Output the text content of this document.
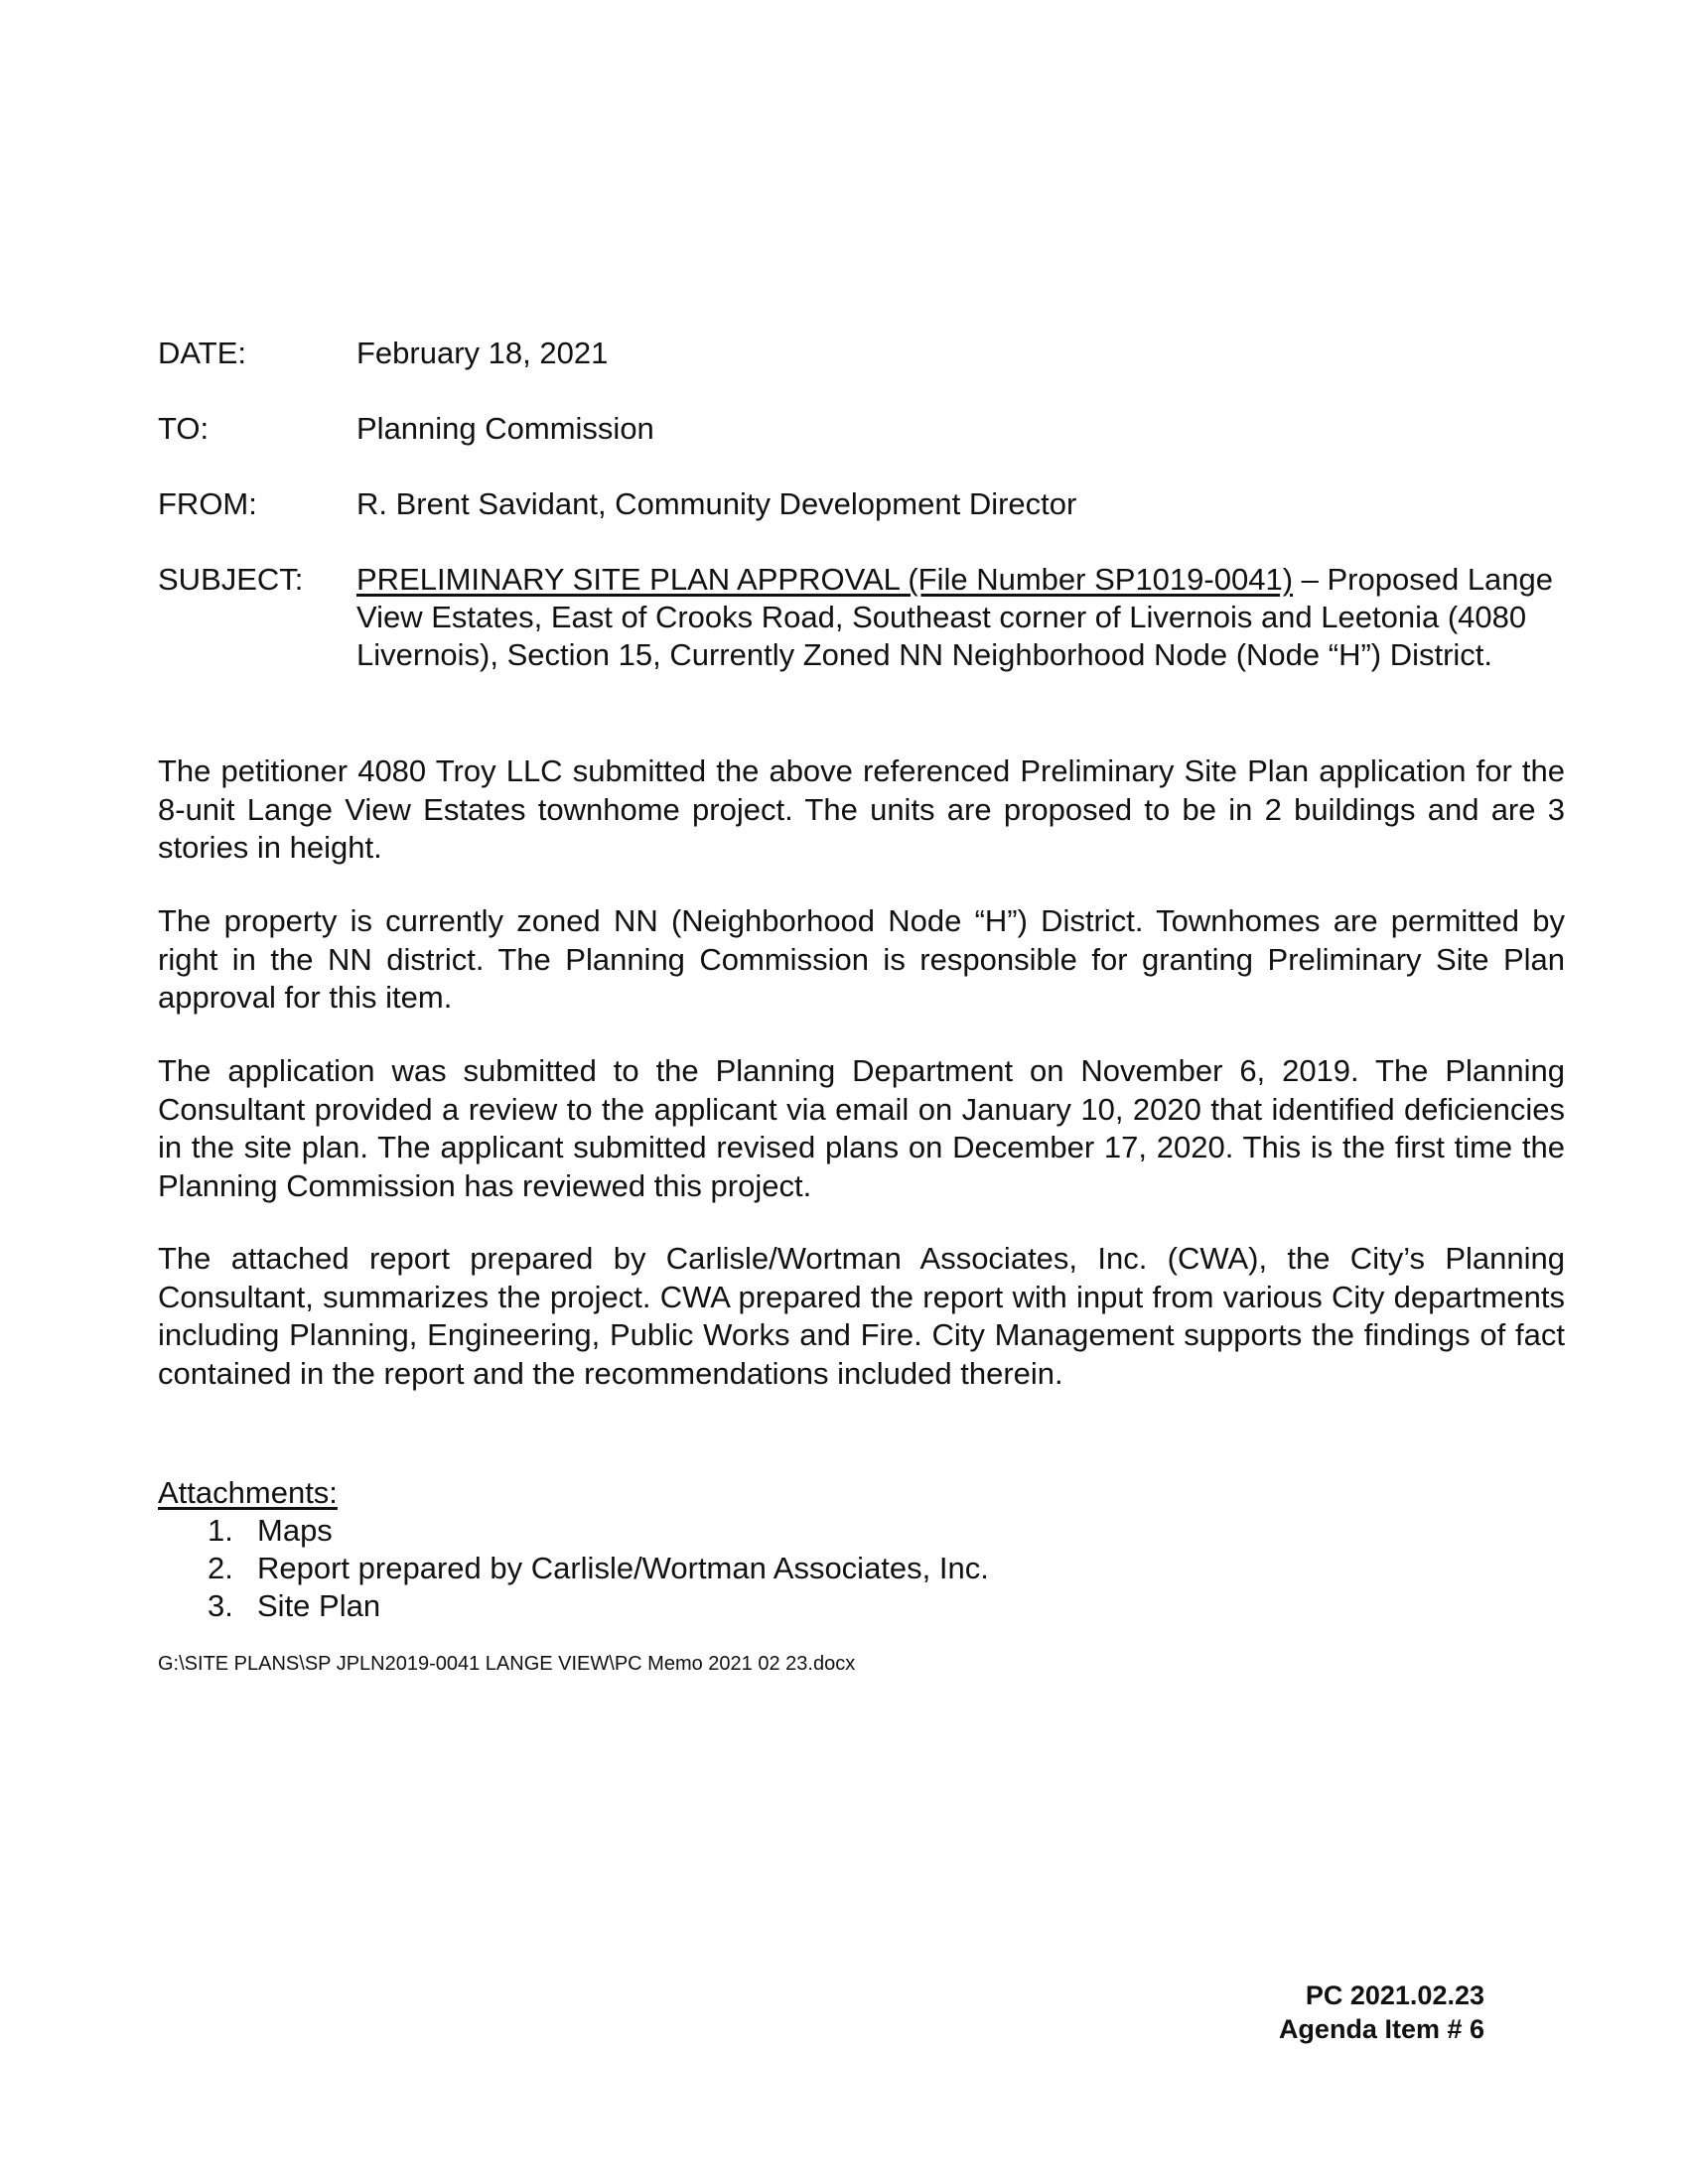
DATE:	February 18, 2021
TO:	Planning Commission
FROM:	R. Brent Savidant, Community Development Director
SUBJECT:	PRELIMINARY SITE PLAN APPROVAL (File Number SP1019-0041) – Proposed Lange View Estates, East of Crooks Road, Southeast corner of Livernois and Leetonia (4080 Livernois), Section 15, Currently Zoned NN Neighborhood Node (Node “H”) District.

The petitioner 4080 Troy LLC submitted the above referenced Preliminary Site Plan application for the 8-unit Lange View Estates townhome project. The units are proposed to be in 2 buildings and are 3 stories in height.

The property is currently zoned NN (Neighborhood Node “H”) District. Townhomes are permitted by right in the NN district. The Planning Commission is responsible for granting Preliminary Site Plan approval for this item.

The application was submitted to the Planning Department on November 6, 2019. The Planning Consultant provided a review to the applicant via email on January 10, 2020 that identified deficiencies in the site plan. The applicant submitted revised plans on December 17, 2020. This is the first time the Planning Commission has reviewed this project.

The attached report prepared by Carlisle/Wortman Associates, Inc. (CWA), the City’s Planning Consultant, summarizes the project. CWA prepared the report with input from various City departments including Planning, Engineering, Public Works and Fire. City Management supports the findings of fact contained in the report and the recommendations included therein.

Attachments:
1. Maps
2. Report prepared by Carlisle/Wortman Associates, Inc.
3. Site Plan
G:\SITE PLANS\SP JPLN2019-0041 LANGE VIEW\PC Memo 2021 02 23.docx
PC 2021.02.23
Agenda Item # 6
